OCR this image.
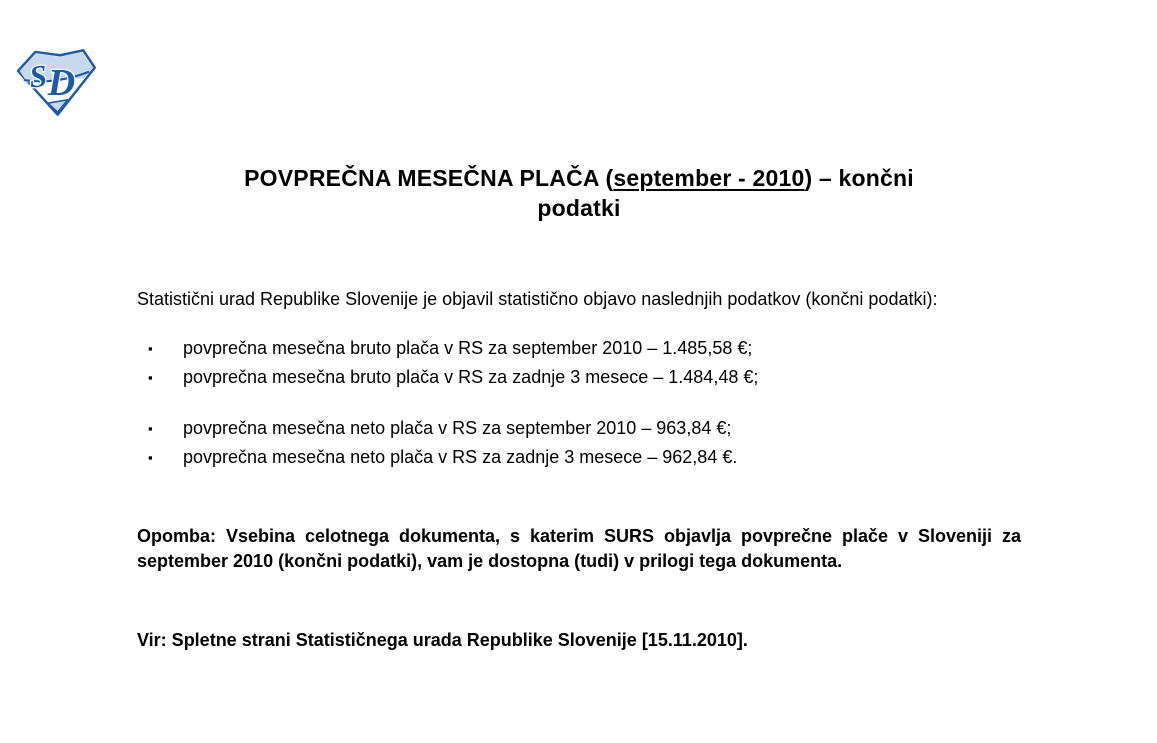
S D
POVPREČNA MESEČNA PLAČA (september - 2010) – končni
podatki

Statistični urad Republike Slovenije je objavil statistično objavo naslednjih podatkov (končni podatki):

▪ povprečna mesečna bruto plača v RS za september 2010 – 1.485,58 €;
▪ povprečna mesečna bruto plača v RS za zadnje 3 mesece – 1.484,48 €;
▪ povprečna mesečna neto plača v RS za september 2010 – 963,84 €;
▪ povprečna mesečna neto plača v RS za zadnje 3 mesece – 962,84 €.

Opomba: Vsebina celotnega dokumenta, s katerim SURS objavlja povprečne plače v Sloveniji za september 2010 (končni podatki), vam je dostopna (tudi) v prilogi tega dokumenta.

Vir: Spletne strani Statističnega urada Republike Slovenije [15.11.2010].
